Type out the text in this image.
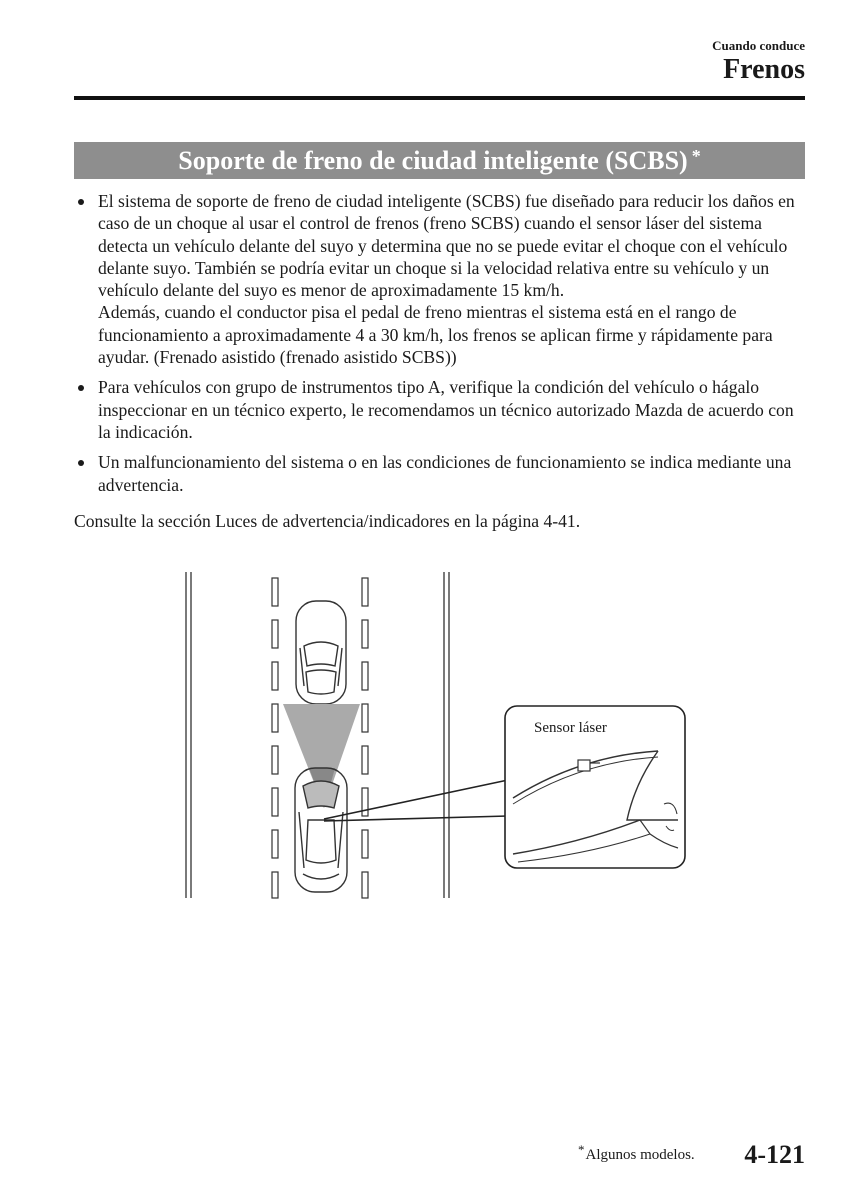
Cuando conduce
Frenos
Soporte de freno de ciudad inteligente (SCBS) *
El sistema de soporte de freno de ciudad inteligente (SCBS) fue diseñado para reducir los daños en caso de un choque al usar el control de frenos (freno SCBS) cuando el sensor láser del sistema detecta un vehículo delante del suyo y determina que no se puede evitar el choque con el vehículo delante suyo. También se podría evitar un choque si la velocidad relativa entre su vehículo y un vehículo delante del suyo es menor de aproximadamente 15 km/h.
Además, cuando el conductor pisa el pedal de freno mientras el sistema está en el rango de funcionamiento a aproximadamente 4 a 30 km/h, los frenos se aplican firme y rápidamente para ayudar. (Frenado asistido (frenado asistido SCBS))
Para vehículos con grupo de instrumentos tipo A, verifique la condición del vehículo o hágalo inspeccionar en un técnico experto, le recomendamos un técnico autorizado Mazda de acuerdo con la indicación.
Un malfuncionamiento del sistema o en las condiciones de funcionamiento se indica mediante una advertencia.
Consulte la sección Luces de advertencia/indicadores en la página 4-41.
Sensor láser
*Algunos modelos. 4-121
